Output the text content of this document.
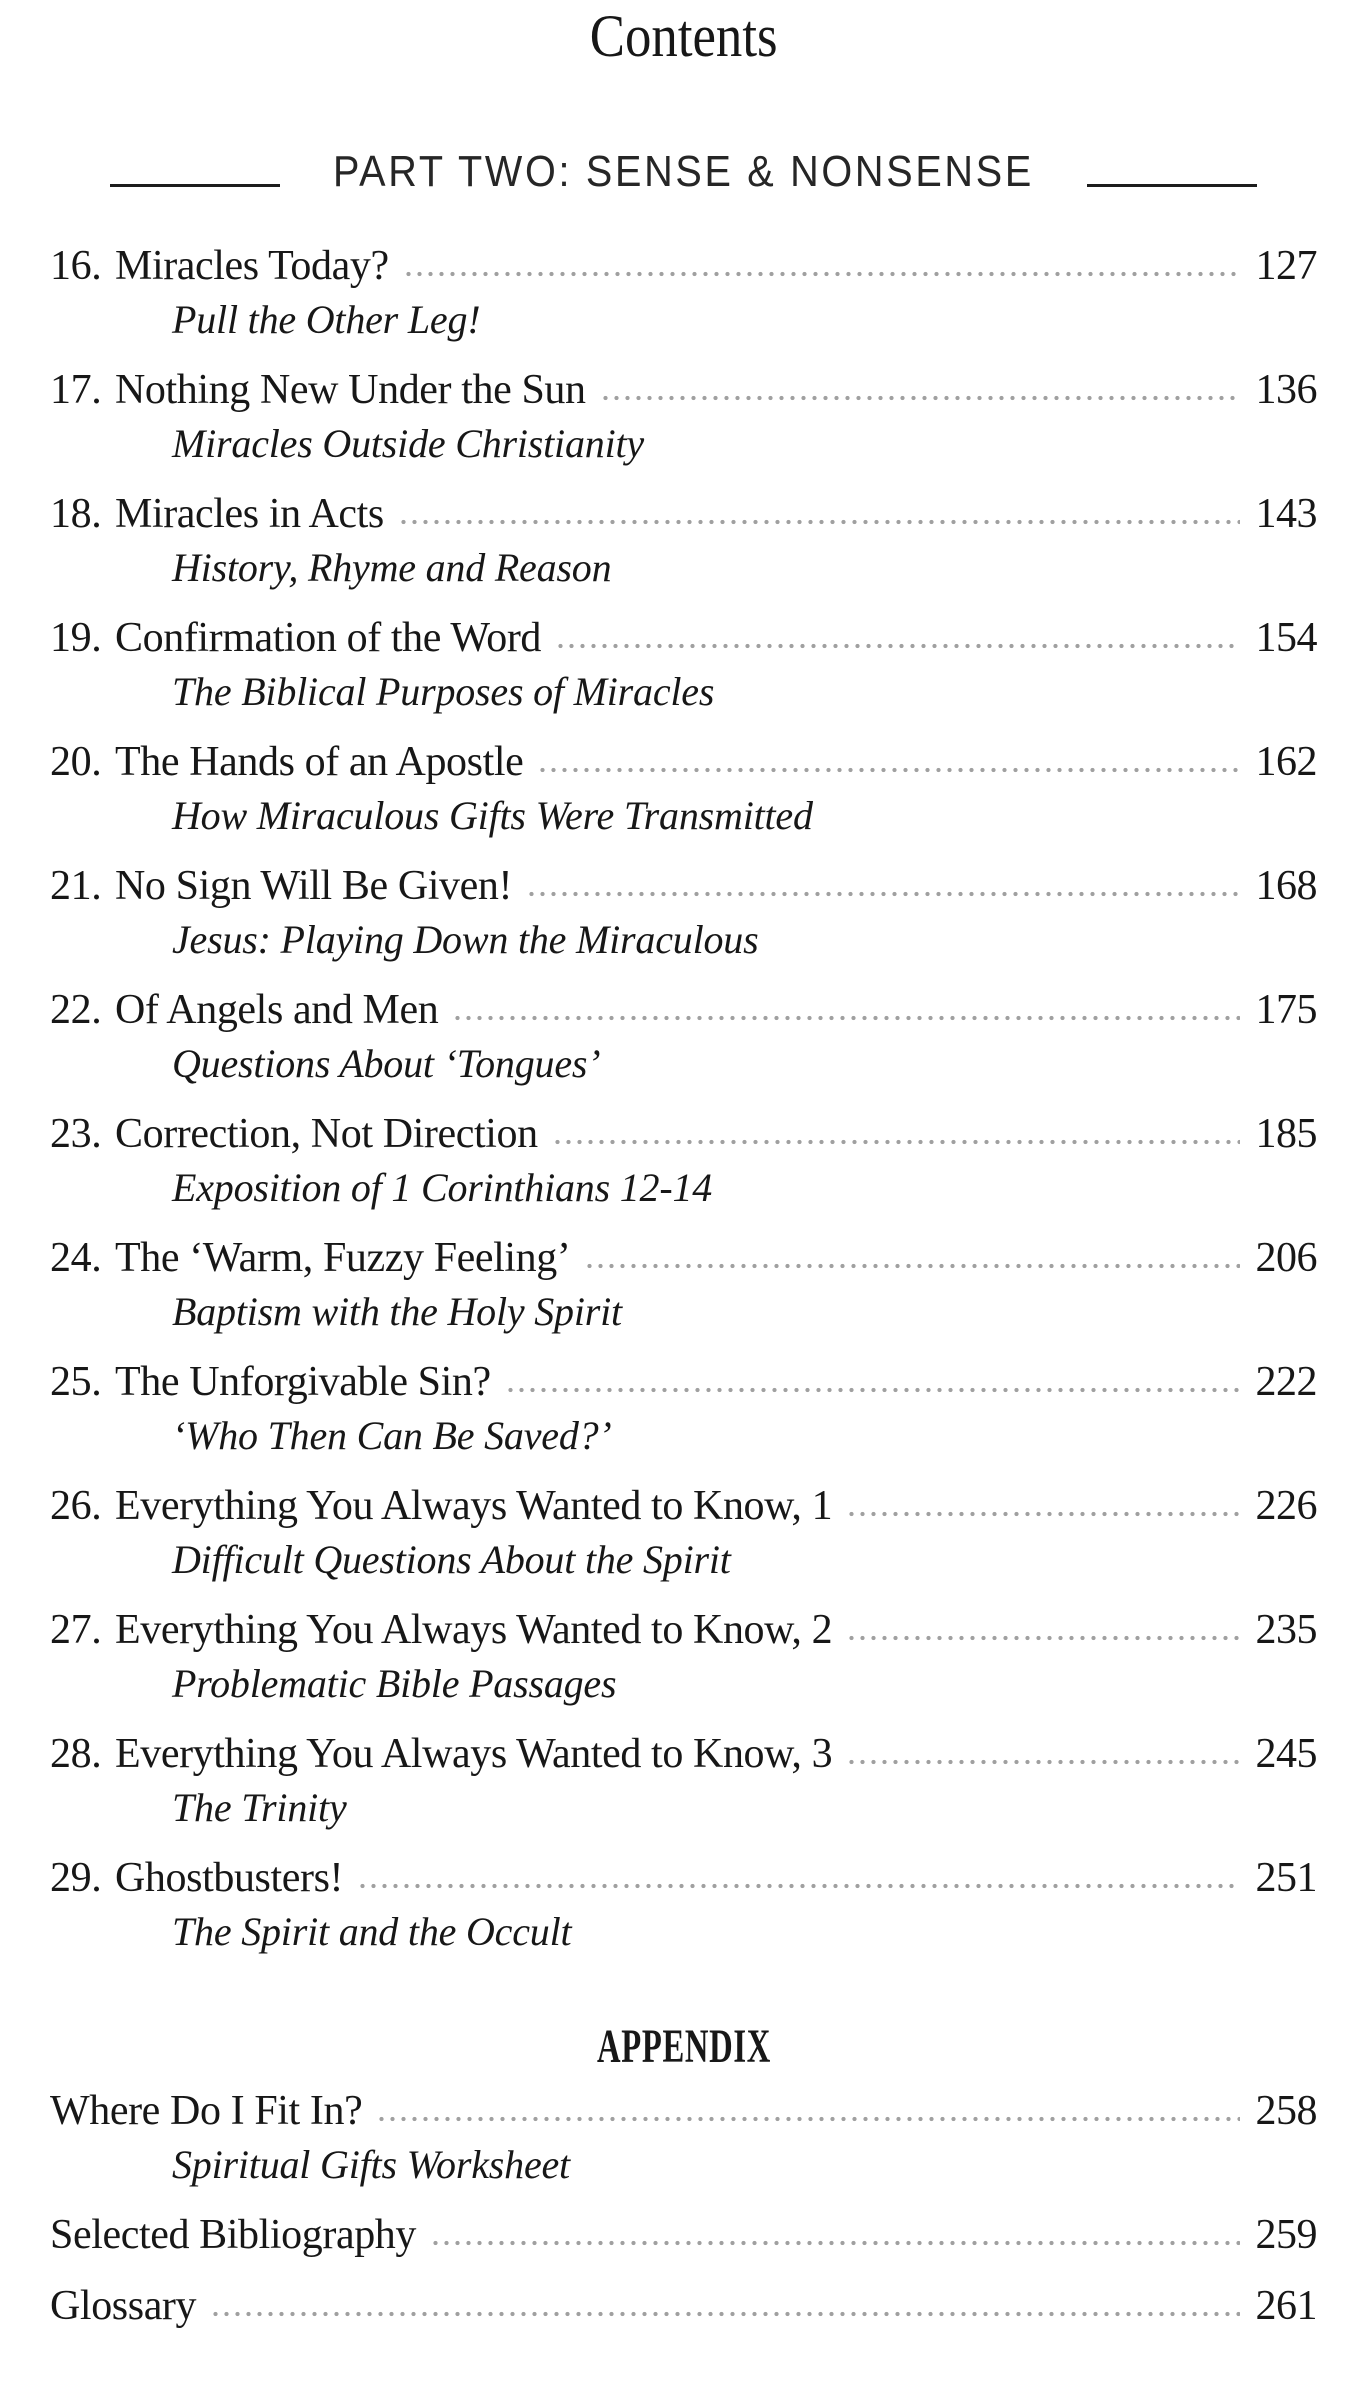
Contents
PART TWO: SENSE & NONSENSE
16. Miracles Today?	127
Pull the Other Leg!
17. Nothing New Under the Sun	136
Miracles Outside Christianity
18. Miracles in Acts	143
History, Rhyme and Reason
19. Confirmation of the Word	154
The Biblical Purposes of Miracles
20. The Hands of an Apostle	162
How Miraculous Gifts Were Transmitted
21. No Sign Will Be Given!	168
Jesus: Playing Down the Miraculous
22. Of Angels and Men	175
Questions About ‘Tongues’
23. Correction, Not Direction	185
Exposition of 1 Corinthians 12-14
24. The ‘Warm, Fuzzy Feeling’	206
Baptism with the Holy Spirit
25. The Unforgivable Sin?	222
‘Who Then Can Be Saved?’
26. Everything You Always Wanted to Know, 1	226
Difficult Questions About the Spirit
27. Everything You Always Wanted to Know, 2	235
Problematic Bible Passages
28. Everything You Always Wanted to Know, 3	245
The Trinity
29. Ghostbusters!	251
The Spirit and the Occult
APPENDIX
Where Do I Fit In?	258
Spiritual Gifts Worksheet
Selected Bibliography	259
Glossary	261
